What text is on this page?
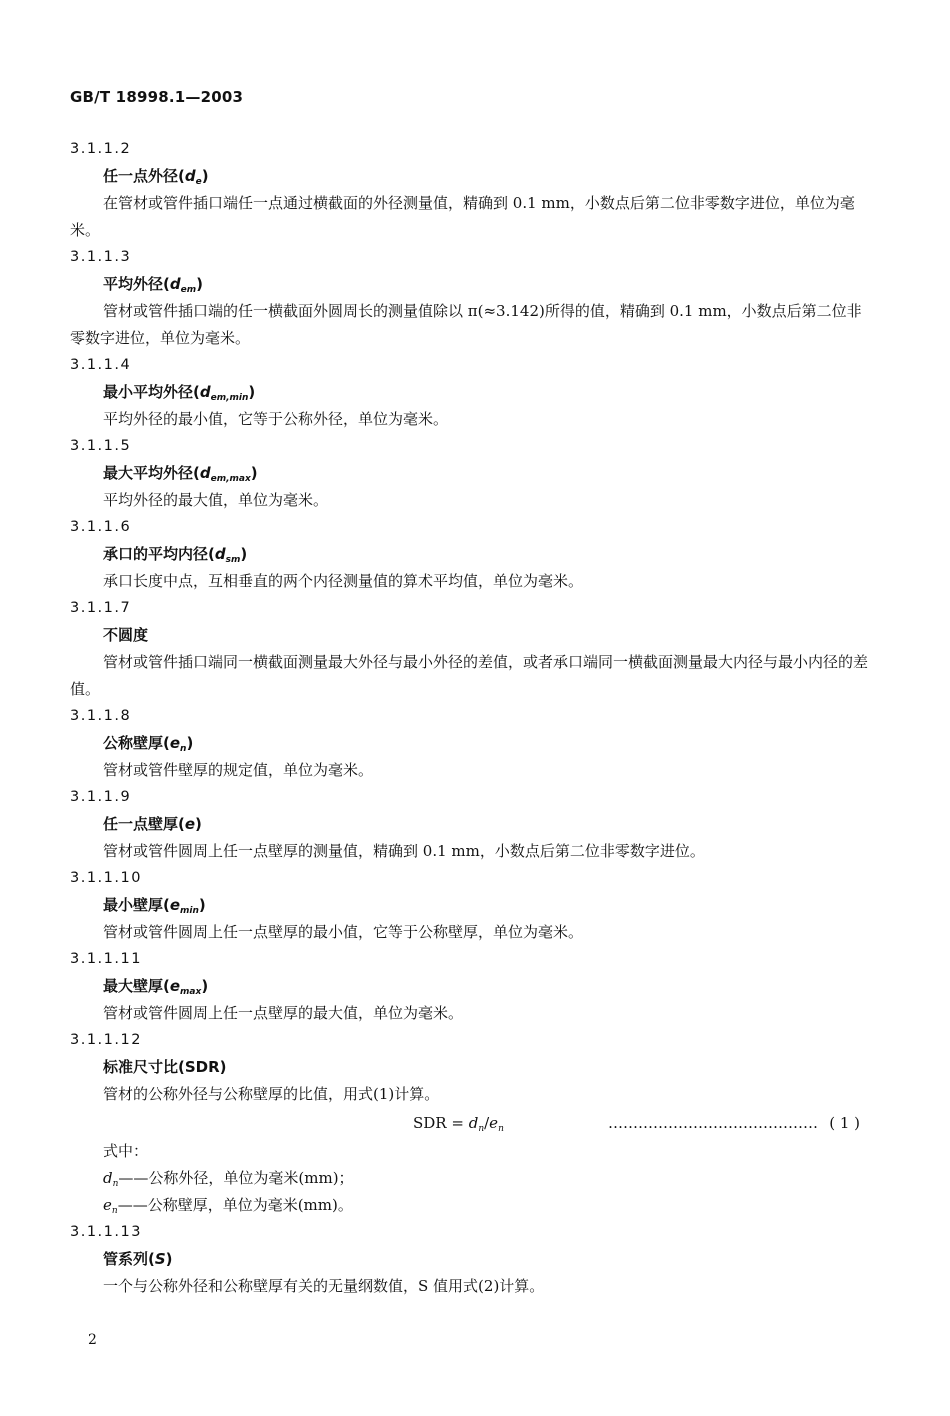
GB/T 18998.1—2003
3.1.1.2
任一点外径$(d_e)$
在管材或管件插口端任一点通过横截面的外径测量值，精确到 0.1 mm，小数点后第二位非零数字进位，单位为毫米。
3.1.1.3
平均外径$(d_{em})$
管材或管件插口端的任一横截面外圆周长的测量值除以 π(≈3.142)所得的值，精确到 0.1 mm，小数点后第二位非零数字进位，单位为毫米。
3.1.1.4
最小平均外径$(d_{em,min})$
平均外径的最小值，它等于公称外径，单位为毫米。
3.1.1.5
最大平均外径$(d_{em,max})$
平均外径的最大值，单位为毫米。
3.1.1.6
承口的平均内径$(d_{sm})$
承口长度中点，互相垂直的两个内径测量值的算术平均值，单位为毫米。
3.1.1.7
不圆度
管材或管件插口端同一横截面测量最大外径与最小外径的差值，或者承口端同一横截面测量最大内径与最小内径的差值。
3.1.1.8
公称壁厚$(e_n)$
管材或管件壁厚的规定值，单位为毫米。
3.1.1.9
任一点壁厚(e)
管材或管件圆周上任一点壁厚的测量值，精确到 0.1 mm，小数点后第二位非零数字进位。
3.1.1.10
最小壁厚$(e_{min})$
管材或管件圆周上任一点壁厚的最小值，它等于公称壁厚，单位为毫米。
3.1.1.11
最大壁厚$(e_{max})$
管材或管件圆周上任一点壁厚的最大值，单位为毫米。
3.1.1.12
标准尺寸比(SDR)
管材的公称外径与公称壁厚的比值，用式(1)计算。
SDR = $d_n/e_n$	…………………………………… ( 1 )
式中：
$d_n——$公称外径，单位为毫米(mm)；
$e_n——$公称壁厚，单位为毫米(mm)。
3.1.1.13
管系列(S)
一个与公称外径和公称壁厚有关的无量纲数值，S 值用式(2)计算。
2
